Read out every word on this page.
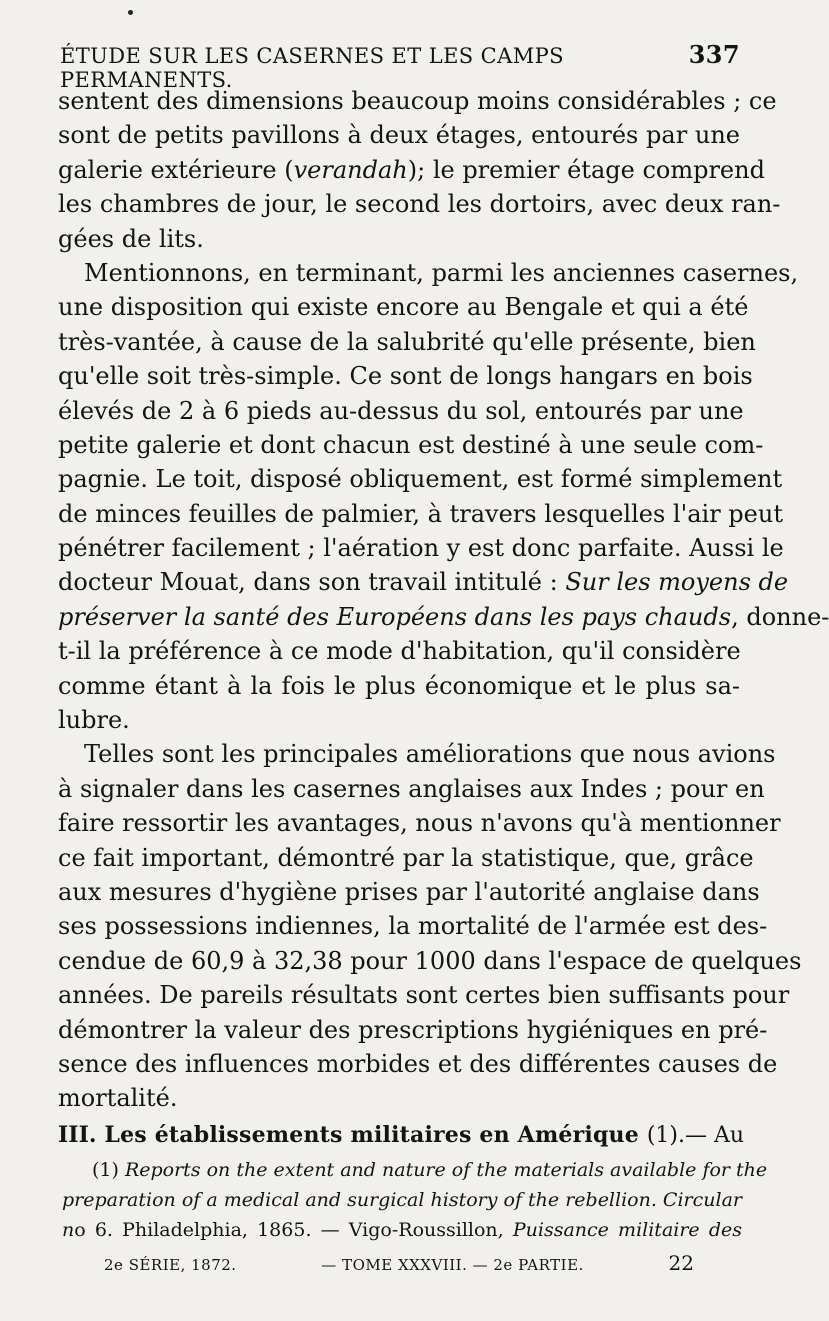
ÉTUDE SUR LES CASERNES ET LES CAMPS PERMANENTS.
337
sentent des dimensions beaucoup moins considérables ; ce
sont de petits pavillons à deux étages, entourés par une
galerie extérieure (verandah); le premier étage comprend
les chambres de jour, le second les dortoirs, avec deux ran-
gées de lits.
Mentionnons, en terminant, parmi les anciennes casernes,
une disposition qui existe encore au Bengale et qui a été
très-vantée, à cause de la salubrité qu'elle présente, bien
qu'elle soit très-simple. Ce sont de longs hangars en bois
élevés de 2 à 6 pieds au-dessus du sol, entourés par une
petite galerie et dont chacun est destiné à une seule com-
pagnie. Le toit, disposé obliquement, est formé simplement
de minces feuilles de palmier, à travers lesquelles l'air peut
pénétrer facilement ; l'aération y est donc parfaite. Aussi le
docteur Mouat, dans son travail intitulé : Sur les moyens de
préserver la santé des Européens dans les pays chauds, donne-
t-il la préférence à ce mode d'habitation, qu'il considère
comme étant à la fois le plus économique et le plus sa-
lubre.
Telles sont les principales améliorations que nous avions
à signaler dans les casernes anglaises aux Indes ; pour en
faire ressortir les avantages, nous n'avons qu'à mentionner
ce fait important, démontré par la statistique, que, grâce
aux mesures d'hygiène prises par l'autorité anglaise dans
ses possessions indiennes, la mortalité de l'armée est des-
cendue de 60,9 à 32,38 pour 1000 dans l'espace de quelques
années. De pareils résultats sont certes bien suffisants pour
démontrer la valeur des prescriptions hygiéniques en pré-
sence des influences morbides et des différentes causes de
mortalité.
III. Les établissements militaires en Amérique (1).— Au
(1) Reports on the extent and nature of the materials available for the
preparation of a medical and surgical history of the rebellion. Circular
no 6. Philadelphia, 1865. — Vigo-Roussillon, Puissance militaire des
2e SÉRIE, 1872.	— TOME XXXVIII. — 2e PARTIE.	22
